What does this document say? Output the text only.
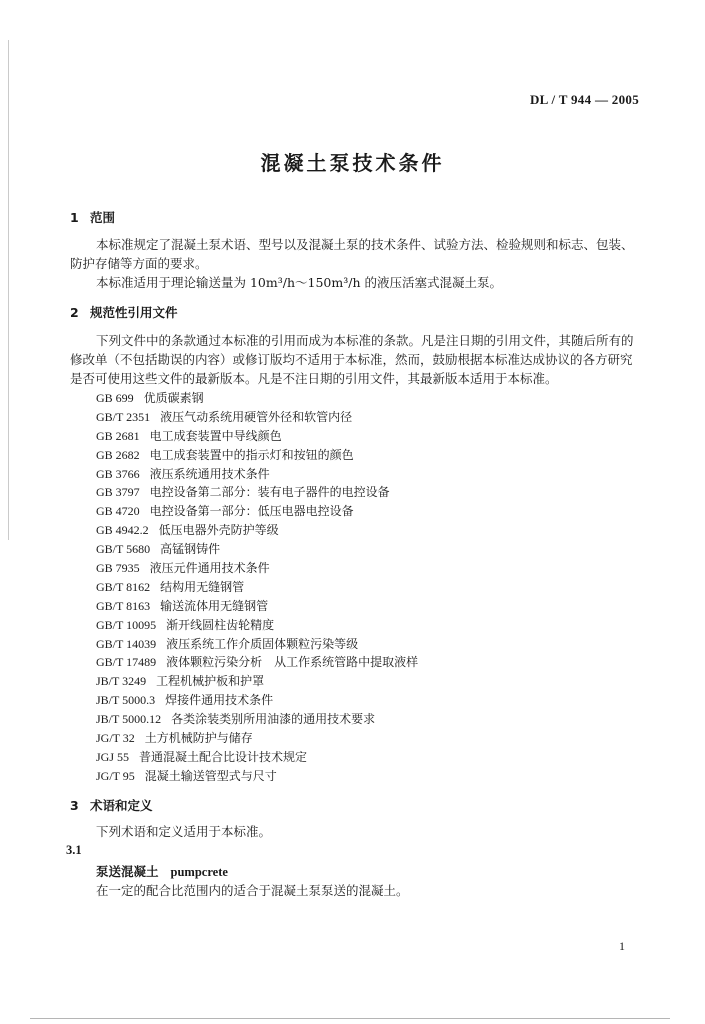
DL / T 944 — 2005
混凝土泵技术条件
1 范围
本标准规定了混凝土泵术语、型号以及混凝土泵的技术条件、试验方法、检验规则和标志、包装、防护存储等方面的要求。
本标准适用于理论输送量为 10m³/h～150m³/h 的液压活塞式混凝土泵。
2 规范性引用文件
下列文件中的条款通过本标准的引用而成为本标准的条款。凡是注日期的引用文件，其随后所有的修改单（不包括勘误的内容）或修订版均不适用于本标准，然而，鼓励根据本标准达成协议的各方研究是否可使用这些文件的最新版本。凡是不注日期的引用文件，其最新版本适用于本标准。
GB 699 优质碳素钢
GB/T 2351 液压气动系统用硬管外径和软管内径
GB 2681 电工成套装置中导线颜色
GB 2682 电工成套装置中的指示灯和按钮的颜色
GB 3766 液压系统通用技术条件
GB 3797 电控设备第二部分：装有电子器件的电控设备
GB 4720 电控设备第一部分：低压电器电控设备
GB 4942.2 低压电器外壳防护等级
GB/T 5680 高锰钢铸件
GB 7935 液压元件通用技术条件
GB/T 8162 结构用无缝钢管
GB/T 8163 输送流体用无缝钢管
GB/T 10095 渐开线圆柱齿轮精度
GB/T 14039 液压系统工作介质固体颗粒污染等级
GB/T 17489 液体颗粒污染分析　从工作系统管路中提取液样
JB/T 3249 工程机械护板和护罩
JB/T 5000.3 焊接件通用技术条件
JB/T 5000.12 各类涂装类别所用油漆的通用技术要求
JG/T 32 土方机械防护与储存
JGJ 55 普通混凝土配合比设计技术规定
JG/T 95 混凝土输送管型式与尺寸
3 术语和定义
下列术语和定义适用于本标准。
3.1
泵送混凝土 pumpcrete
在一定的配合比范围内的适合于混凝土泵泵送的混凝土。
1
